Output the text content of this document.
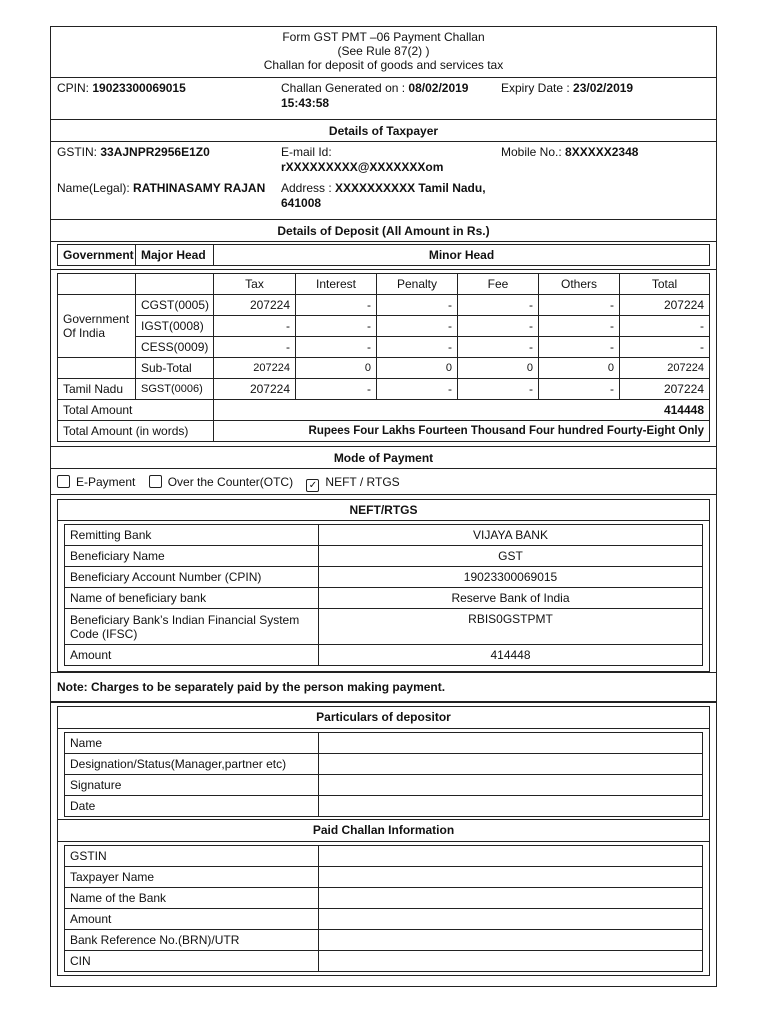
Form GST PMT –06 Payment Challan
(See Rule 87(2) )
Challan for deposit of goods and services tax
CPIN: 19023300069015	Challan Generated on : 08/02/2019 15:43:58
Expiry Date : 23/02/2019
Details of Taxpayer
GSTIN: 33AJNPR2956E1Z0	E-mail Id:
rXXXXXXXXX@XXXXXXXom
Mobile No.: 8XXXXX2348
Name(Legal): RATHINASAMY RAJAN	Address : XXXXXXXXXX Tamil Nadu, 641008
Details of Deposit (All Amount in Rs.)
Government	Major Head	Minor Head
		Tax	Interest	Penalty	Fee	Others	Total
Government Of India	CGST(0005)	207224	-	-	-	-	207224
	IGST(0008)	-	-	-	-	-	-
	CESS(0009)	-	-	-	-	-	-
	Sub-Total	207224	0	0	0	0	207224
Tamil Nadu	SGST(0006)	207224	-	-	-	-	207224
Total Amount		414448					
Total Amount (in words)		Rupees Four Lakhs Fourteen Thousand Four hundred Fourty-Eight Only					
Mode of Payment
E-Payment	Over the Counter(OTC) ✓ NEFT / RTGS
NEFT/RTGS
Remitting Bank	VIJAYA BANK
Beneficiary Name	GST
Beneficiary Account Number (CPIN)	19023300069015
Name of beneficiary bank	Reserve Bank of India
Beneficiary Bank’s Indian Financial System Code (IFSC)	RBIS0GSTPMT
Amount	414448
Note: Charges to be separately paid by the person making payment.
Particulars of depositor
Name	
Designation/Status(Manager,partner etc)	
Signature	
Date	
Paid Challan Information
GSTIN	
Taxpayer Name	
Name of the Bank	
Amount	
Bank Reference No.(BRN)/UTR	
CIN	
